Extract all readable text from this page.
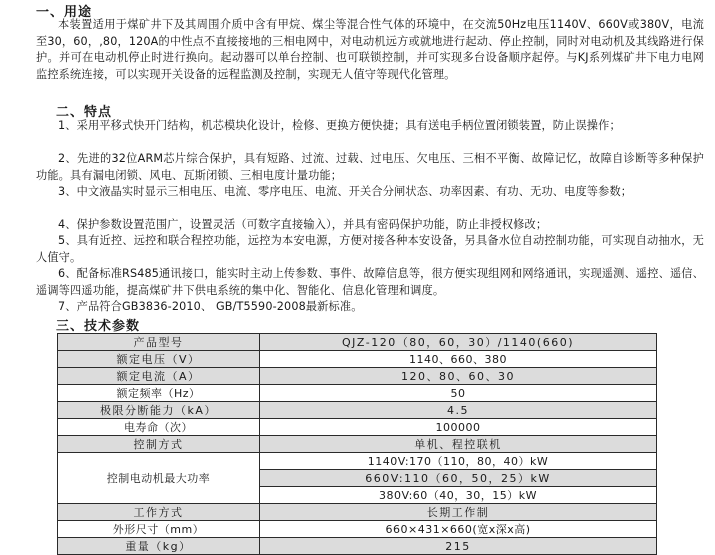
一、用途
本装置适用于煤矿井下及其周围介质中含有甲烷、煤尘等混合性气体的环境中，在交流50Hz电压1140V、660V或380V，电流至30，60，,80，120A的中性点不直接接地的三相电网中，对电动机远方或就地进行起动、停止控制，同时对电动机及其线路进行保护。并可在电动机停止时进行换向。起动器可以单台控制、也可联锁控制，并可实现多台设备顺序起停。与KJ系列煤矿井下电力电网监控系统连接，可以实现开关设备的远程监测及控制，实现无人值守等现代化管理。
二、特点
1、采用平移式快开门结构，机芯模块化设计，检修、更换方便快捷；具有送电手柄位置闭锁装置，防止误操作；
2、先进的32位ARM芯片综合保护，具有短路、过流、过载、过电压、欠电压、三相不平衡、故障记忆，故障自诊断等多种保护功能。具有漏电闭锁、风电、瓦斯闭锁、三相电度计量功能；
3、中文液晶实时显示三相电压、电流、零序电压、电流、开关合分闸状态、功率因素、有功、无功、电度等参数；
4、保护参数设置范围广，设置灵活（可数字直接输入），并具有密码保护功能，防止非授权修改；
5、具有近控、远控和联合程控功能，远控为本安电源，方便对接各种本安设备，另具备水位自动控制功能，可实现自动抽水，无人值守。
6、配备标准RS485通讯接口，能实时主动上传参数、事件、故障信息等，很方便实现组网和网络通讯，实现遥测、遥控、遥信、遥调等四遥功能，提高煤矿井下供电系统的集中化、智能化、信息化管理和调度。
7、产品符合GB3836-2010、 GB/T5590-2008最新标准。
三、技术参数
产品型号	QJZ-120（80，60，30）/1140(660)
额定电压（V）	1140、660、380
额定电流（A）	120、80、60、30
额定频率（Hz）	50
极限分断能力（kA）	4.5
电寿命（次）	100000
控制方式	单机、程控联机
控制电动机最大功率	1140V:170（110，80，40）kW
	660V:110（60，50，25）kW
	380V:60（40，30，15）kW
工作方式	长期工作制
外形尺寸（mm）	660×431×660(宽x深x高)
重量（kg）	215
